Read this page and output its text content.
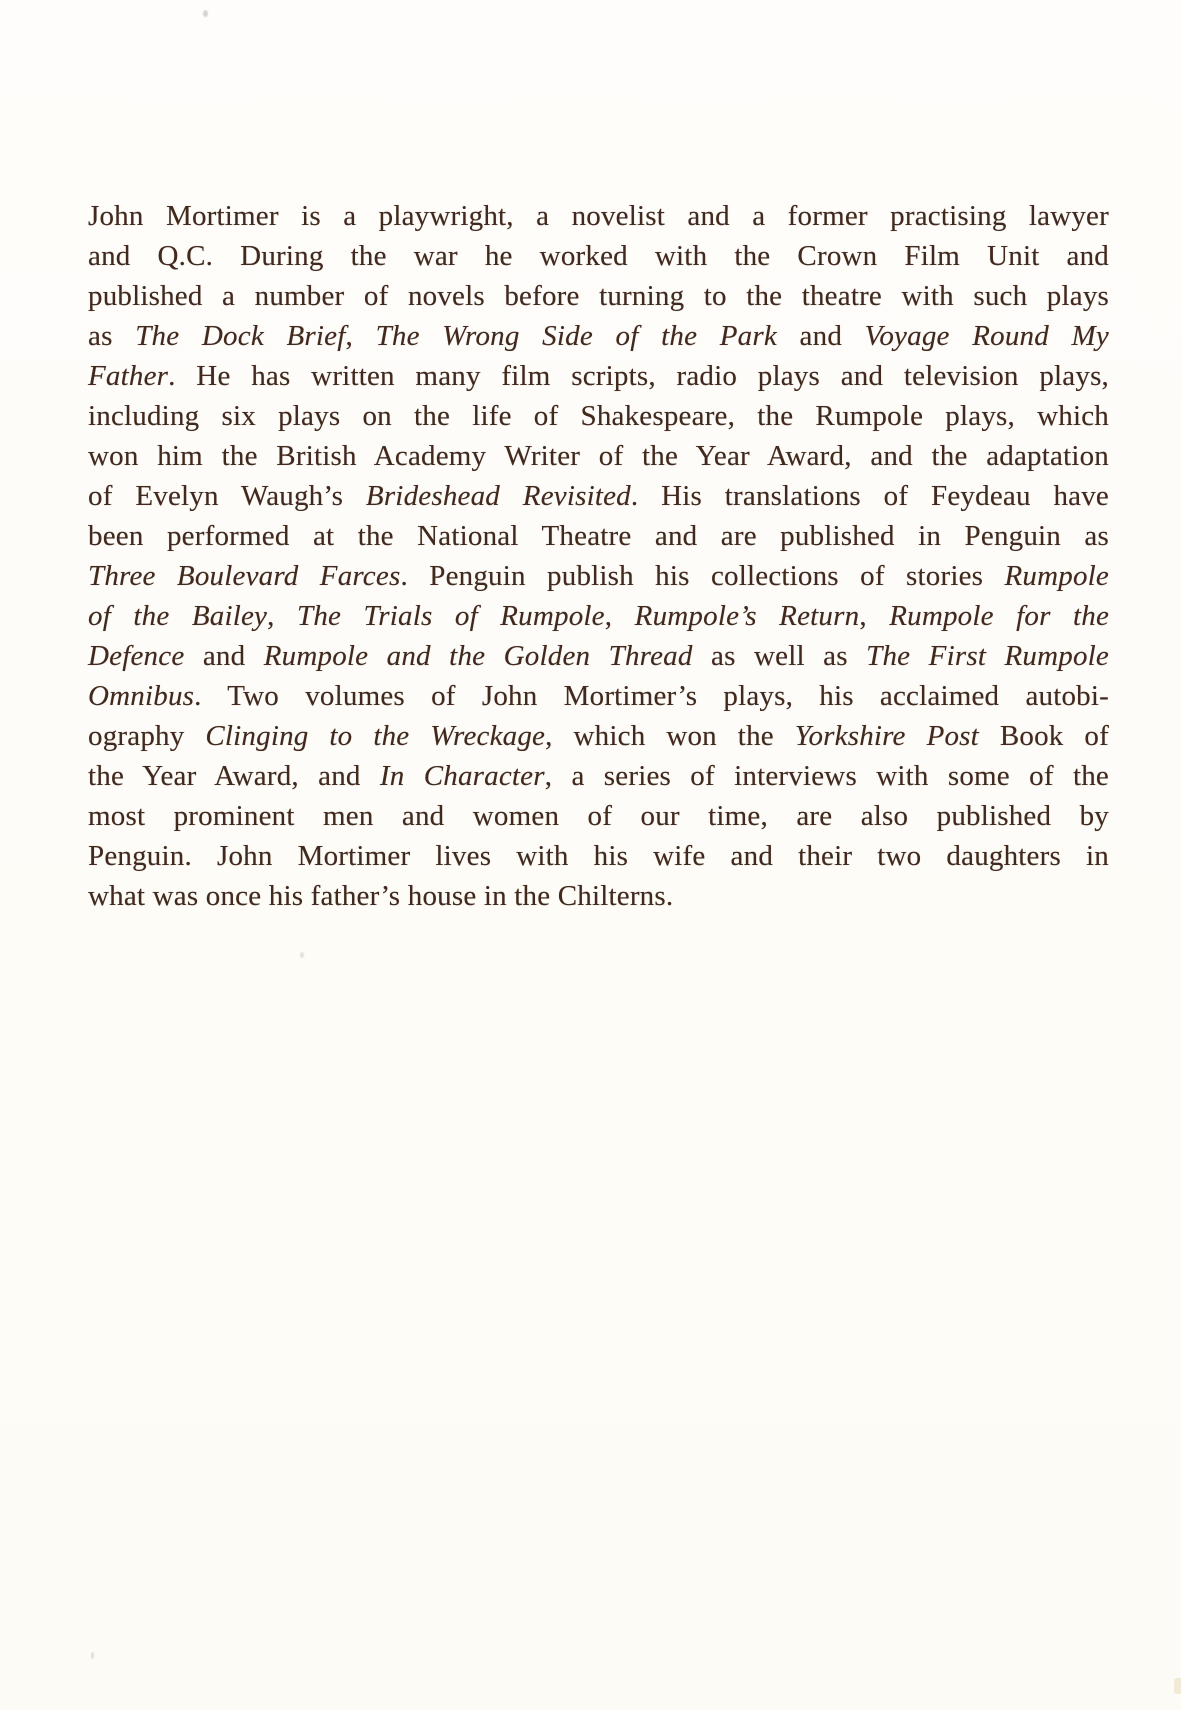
John Mortimer is a playwright, a novelist and a former practising lawyer
and Q.C. During the war he worked with the Crown Film Unit and
published a number of novels before turning to the theatre with such plays
as The Dock Brief, The Wrong Side of the Park and Voyage Round My
Father. He has written many film scripts, radio plays and television plays,
including six plays on the life of Shakespeare, the Rumpole plays, which
won him the British Academy Writer of the Year Award, and the adaptation
of Evelyn Waugh’s Brideshead Revisited. His translations of Feydeau have
been performed at the National Theatre and are published in Penguin as
Three Boulevard Farces. Penguin publish his collections of stories Rumpole
of the Bailey, The Trials of Rumpole, Rumpole’s Return, Rumpole for the
Defence and Rumpole and the Golden Thread as well as The First Rumpole
Omnibus. Two volumes of John Mortimer’s plays, his acclaimed autobi-
ography Clinging to the Wreckage, which won the Yorkshire Post Book of
the Year Award, and In Character, a series of interviews with some of the
most prominent men and women of our time, are also published by
Penguin. John Mortimer lives with his wife and their two daughters in
what was once his father’s house in the Chilterns.
